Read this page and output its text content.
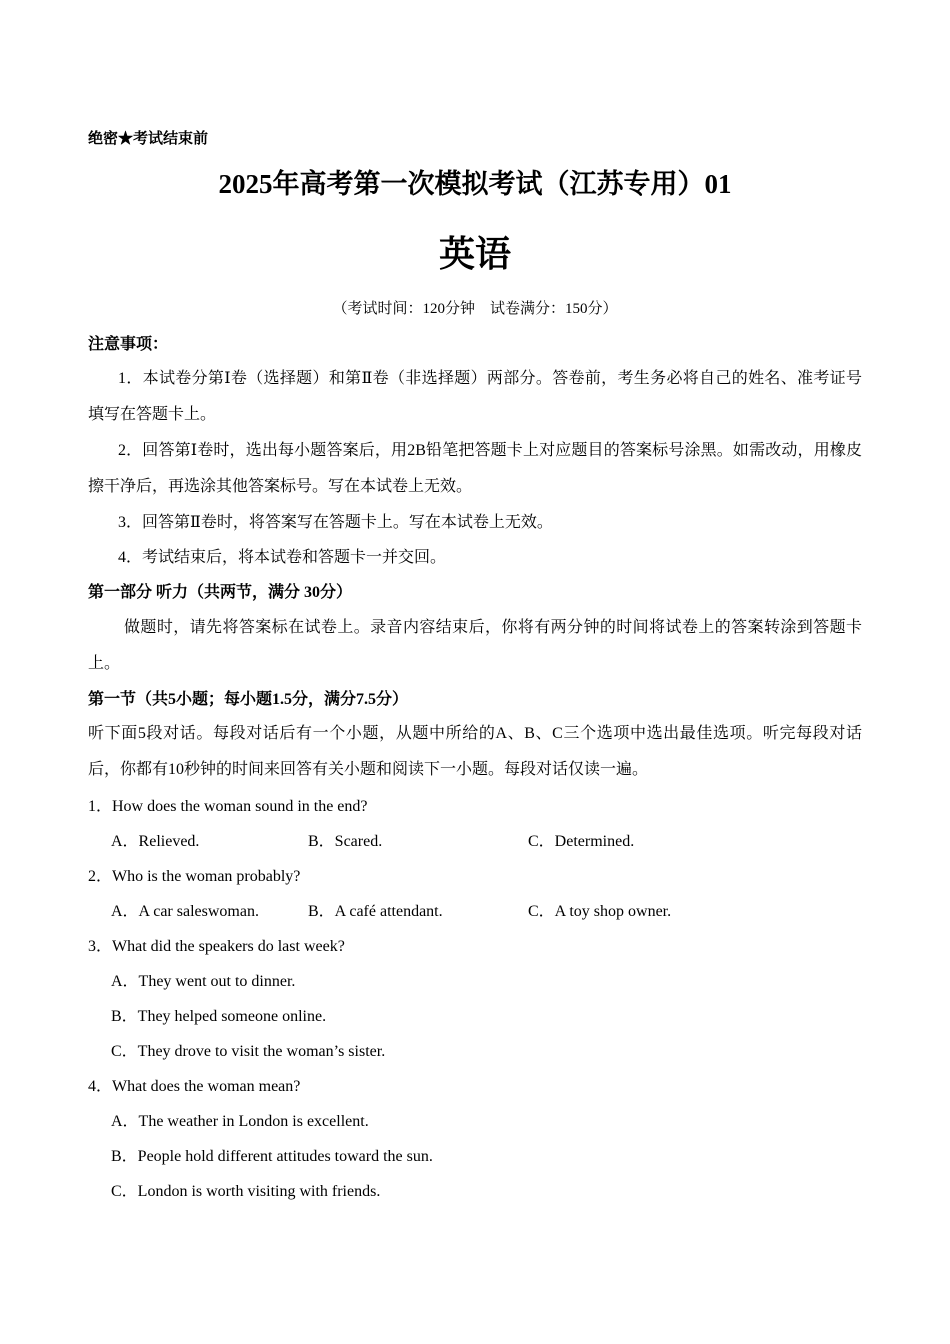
绝密★考试结束前
2025年高考第一次模拟考试（江苏专用）01
英语
（考试时间：120分钟　试卷满分：150分）
注意事项：
1．本试卷分第Ⅰ卷（选择题）和第Ⅱ卷（非选择题）两部分。答卷前，考生务必将自己的姓名、准考证号填写在答题卡上。
2．回答第Ⅰ卷时，选出每小题答案后，用2B铅笔把答题卡上对应题目的答案标号涂黑。如需改动，用橡皮擦干净后，再选涂其他答案标号。写在本试卷上无效。
3．回答第Ⅱ卷时，将答案写在答题卡上。写在本试卷上无效。
4．考试结束后，将本试卷和答题卡一并交回。
第一部分 听力（共两节，满分 30分）
做题时，请先将答案标在试卷上。录音内容结束后，你将有两分钟的时间将试卷上的答案转涂到答题卡上。
第一节（共5小题；每小题1.5分，满分7.5分）
听下面5段对话。每段对话后有一个小题，从题中所给的A、B、C三个选项中选出最佳选项。听完每段对话后，你都有10秒钟的时间来回答有关小题和阅读下一小题。每段对话仅读一遍。
1．How does the woman sound in the end?
A．Relieved.	B．Scared.	C．Determined.
2．Who is the woman probably?
A．A car saleswoman.	B．A café attendant.	C．A toy shop owner.
3．What did the speakers do last week?
A．They went out to dinner.
B．They helped someone online.
C．They drove to visit the woman’s sister.
4．What does the woman mean?
A．The weather in London is excellent.
B．People hold different attitudes toward the sun.
C．London is worth visiting with friends.
